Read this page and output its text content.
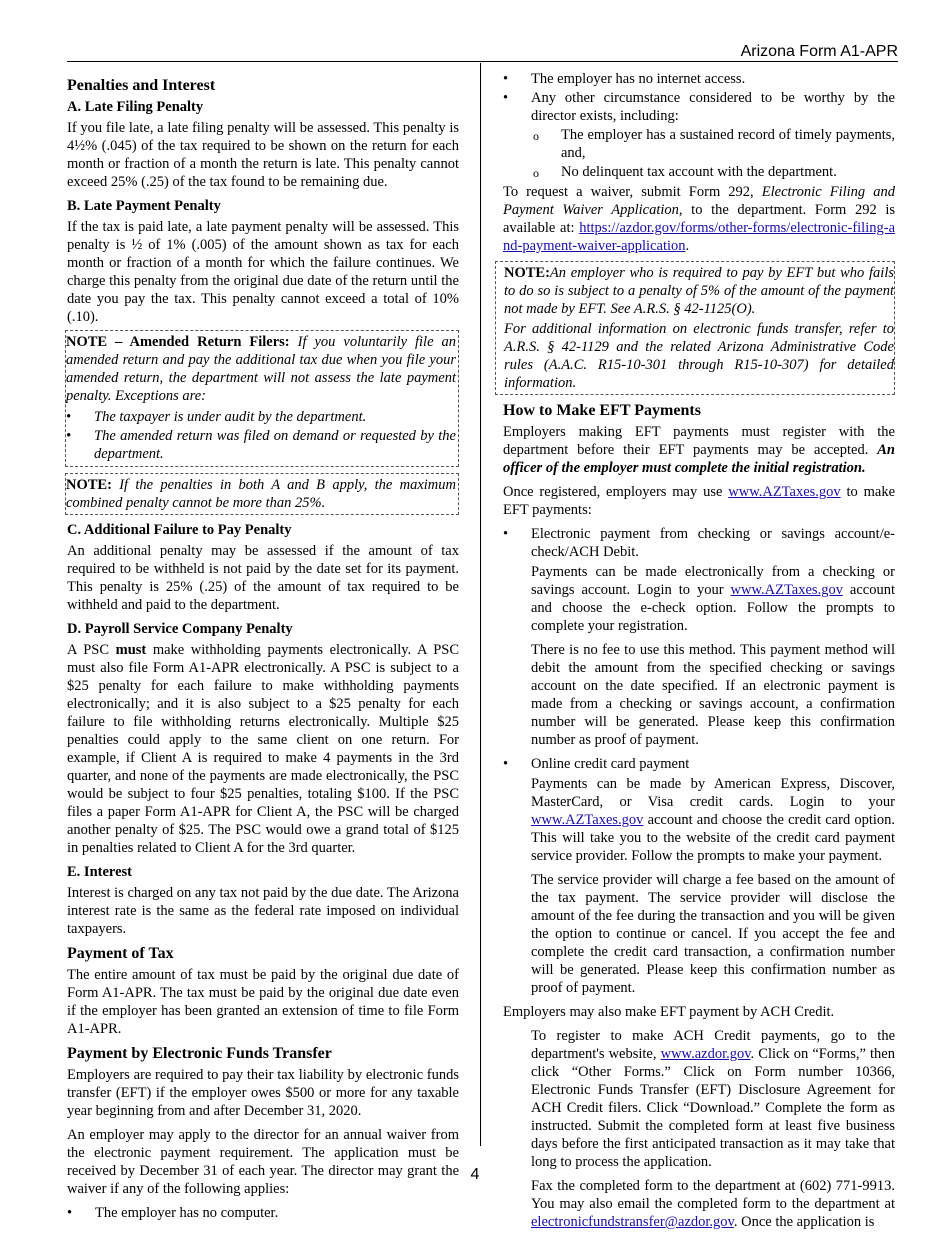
Arizona Form A1-APR
Penalties and Interest
A. Late Filing Penalty

If you file late, a late filing penalty will be assessed. This penalty is 4½% (.045) of the tax required to be shown on the return for each month or fraction of a month the return is late. This penalty cannot exceed 25% (.25) of the tax found to be remaining due.

B. Late Payment Penalty

If the tax is paid late, a late payment penalty will be assessed. This penalty is ½ of 1% (.005) of the amount shown as tax for each month or fraction of a month for which the failure continues. We charge this penalty from the original due date of the return until the date you pay the tax. This penalty cannot exceed a total of 10% (.10).

NOTE – Amended Return Filers: If you voluntarily file an amended return and pay the additional tax due when you file your amended return, the department will not assess the late payment penalty. Exceptions are:

• The taxpayer is under audit by the department.
• The amended return was filed on demand or requested by the department.

NOTE: If the penalties in both A and B apply, the maximum combined penalty cannot be more than 25%.

C. Additional Failure to Pay Penalty

An additional penalty may be assessed if the amount of tax required to be withheld is not paid by the date set for its payment. This penalty is 25% (.25) of the amount of tax required to be withheld and paid to the department.

D. Payroll Service Company Penalty

A PSC must make withholding payments electronically. A PSC must also file Form A1-APR electronically. A PSC is subject to a $25 penalty for each failure to make withholding payments electronically; and it is also subject to a $25 penalty for each failure to file withholding returns electronically. Multiple $25 penalties could apply to the same client on one return. For example, if Client A is required to make 4 payments in the 3rd quarter, and none of the payments are made electronically, the PSC would be subject to four $25 penalties, totaling $100. If the PSC files a paper Form A1-APR for Client A, the PSC will be charged another penalty of $25. The PSC would owe a grand total of $125 in penalties related to Client A for the 3rd quarter.

E. Interest

Interest is charged on any tax not paid by the due date. The Arizona interest rate is the same as the federal rate imposed on individual taxpayers.

Payment of Tax

The entire amount of tax must be paid by the original due date of Form A1-APR. The tax must be paid by the original due date even if the employer has been granted an extension of time to file Form A1-APR.

Payment by Electronic Funds Transfer

Employers are required to pay their tax liability by electronic funds transfer (EFT) if the employer owes $500 or more for any taxable year beginning from and after December 31, 2020.

An employer may apply to the director for an annual waiver from the electronic payment requirement. The application must be received by December 31 of each year. The director may grant the waiver if any of the following applies:

• The employer has no computer.
• The employer has no internet access.
• Any other circumstance considered to be worthy by the director exists, including:
o The employer has a sustained record of timely payments, and,
o No delinquent tax account with the department.

To request a waiver, submit Form 292, Electronic Filing and Payment Waiver Application, to the department. Form 292 is available at: https://azdor.gov/forms/other-forms/electronic-filing-and-payment-waiver-application.

NOTE:An employer who is required to pay by EFT but who fails to do so is subject to a penalty of 5% of the amount of the payment not made by EFT. See A.R.S. § 42-1125(O).

For additional information on electronic funds transfer, refer to A.R.S. § 42-1129 and the related Arizona Administrative Code rules (A.A.C. R15-10-301 through R15-10-307) for detailed information.

How to Make EFT Payments

Employers making EFT payments must register with the department before their EFT payments may be accepted. An officer of the employer must complete the initial registration.

Once registered, employers may use www.AZTaxes.gov to make EFT payments:

• Electronic payment from checking or savings account/e-check/ACH Debit.

Payments can be made electronically from a checking or savings account. Login to your www.AZTaxes.gov account and choose the e-check option. Follow the prompts to complete your registration.

There is no fee to use this method. This payment method will debit the amount from the specified checking or savings account on the date specified. If an electronic payment is made from a checking or savings account, a confirmation number will be generated. Please keep this confirmation number as proof of payment.

• Online credit card payment

Payments can be made by American Express, Discover, MasterCard, or Visa credit cards. Login to your www.AZTaxes.gov account and choose the credit card option. This will take you to the website of the credit card payment service provider. Follow the prompts to make your payment.

The service provider will charge a fee based on the amount of the tax payment. The service provider will disclose the amount of the fee during the transaction and you will be given the option to continue or cancel. If you accept the fee and complete the credit card transaction, a confirmation number will be generated. Please keep this confirmation number as proof of payment.

Employers may also make EFT payment by ACH Credit.

To register to make ACH Credit payments, go to the department's website, www.azdor.gov. Click on “Forms,” then click “Other Forms.” Click on Form number 10366, Electronic Funds Transfer (EFT) Disclosure Agreement for ACH Credit filers. Click “Download.” Complete the form as instructed. Submit the completed form at least five business days before the first anticipated transaction as it may take that long to process the application.

Fax the completed form to the department at (602) 771-9913. You may also email the completed form to the department at electronicfundstransfer@azdor.gov. Once the application is

4
